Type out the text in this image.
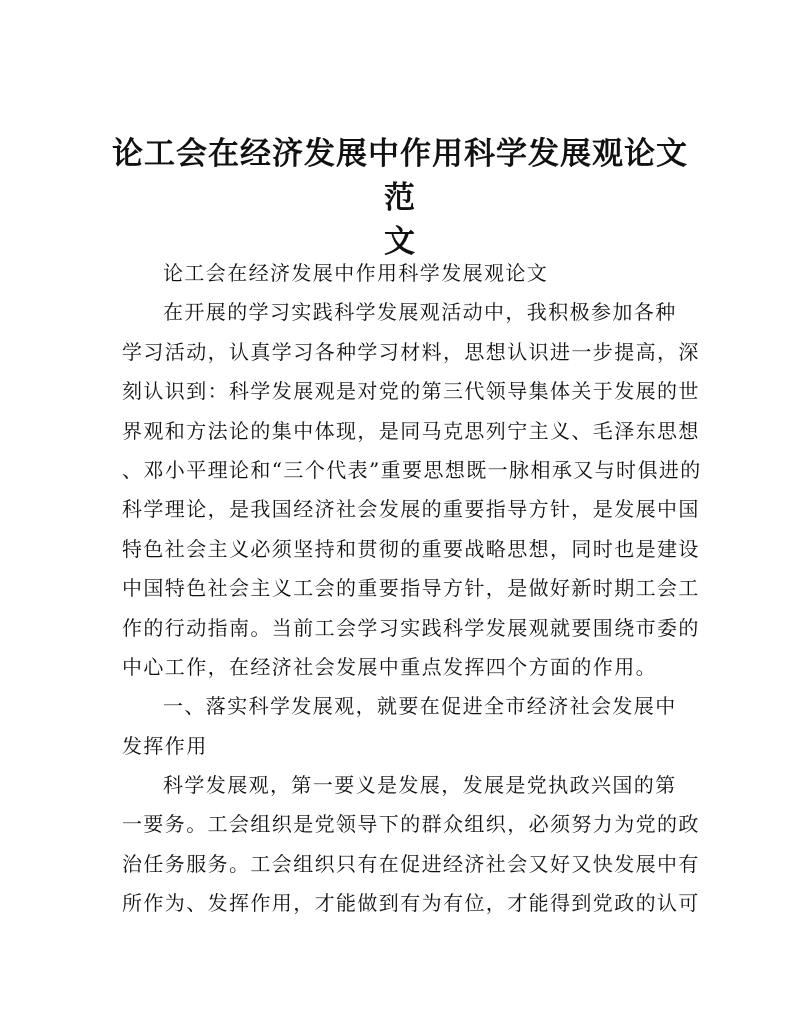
论工会在经济发展中作用科学发展观论文范
文
论工会在经济发展中作用科学发展观论文
在开展的学习实践科学发展观活动中，我积极参加各种
学习活动，认真学习各种学习材料，思想认识进一步提高，深
刻认识到：科学发展观是对党的第三代领导集体关于发展的世
界观和方法论的集中体现，是同马克思列宁主义、毛泽东思想
、邓小平理论和“三个代表”重要思想既一脉相承又与时俱进的
科学理论，是我国经济社会发展的重要指导方针，是发展中国
特色社会主义必须坚持和贯彻的重要战略思想，同时也是建设
中国特色社会主义工会的重要指导方针，是做好新时期工会工
作的行动指南。当前工会学习实践科学发展观就要围绕市委的
中心工作，在经济社会发展中重点发挥四个方面的作用。
一、落实科学发展观，就要在促进全市经济社会发展中
发挥作用
科学发展观，第一要义是发展，发展是党执政兴国的第
一要务。工会组织是党领导下的群众组织，必须努力为党的政
治任务服务。工会组织只有在促进经济社会又好又快发展中有
所作为、发挥作用，才能做到有为有位，才能得到党政的认可
